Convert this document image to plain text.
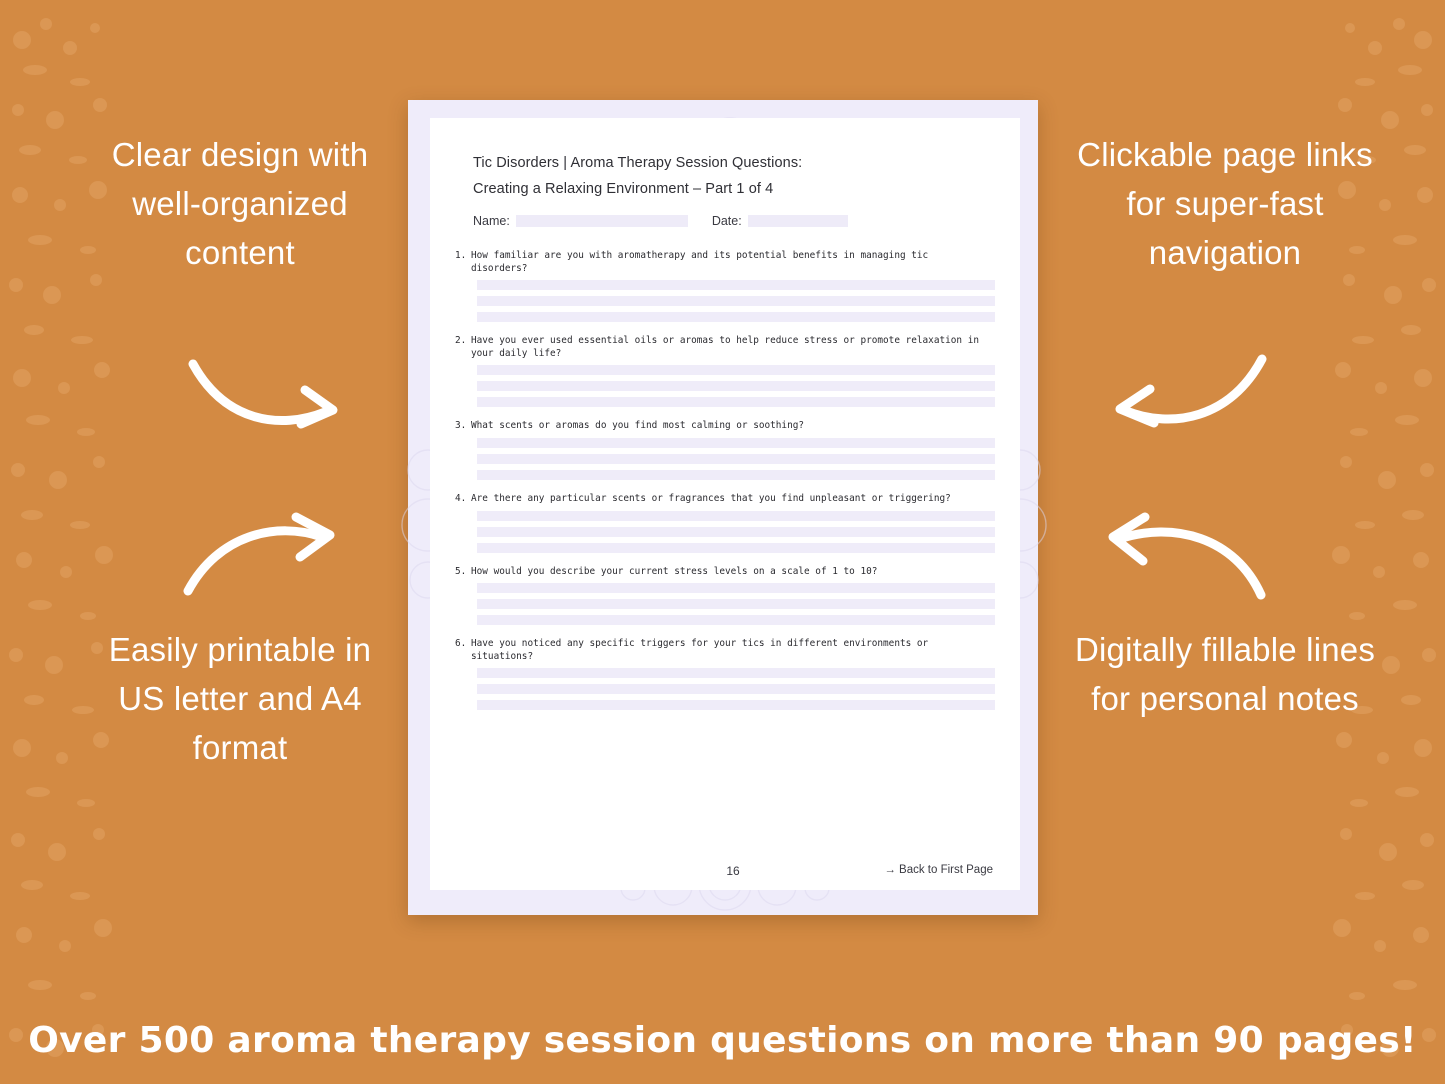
Tic Disorders | Aroma Therapy Session Questions:
Creating a Relaxing Environment – Part 1 of 4
Name:	Date:
1. How familiar are you with aromatherapy and its potential benefits in managing tic disorders?
2. Have you ever used essential oils or aromas to help reduce stress or promote relaxation in your daily life?
3. What scents or aromas do you find most calming or soothing?
4. Are there any particular scents or fragrances that you find unpleasant or triggering?
5. How would you describe your current stress levels on a scale of 1 to 10?
6. Have you noticed any specific triggers for your tics in different environments or situations?
16	→ Back to First Page
Clear design with well-organized content
Clickable page links for super-fast navigation
Easily printable in US letter and A4 format
Digitally fillable lines for personal notes
Over 500 aroma therapy session questions on more than 90 pages!
